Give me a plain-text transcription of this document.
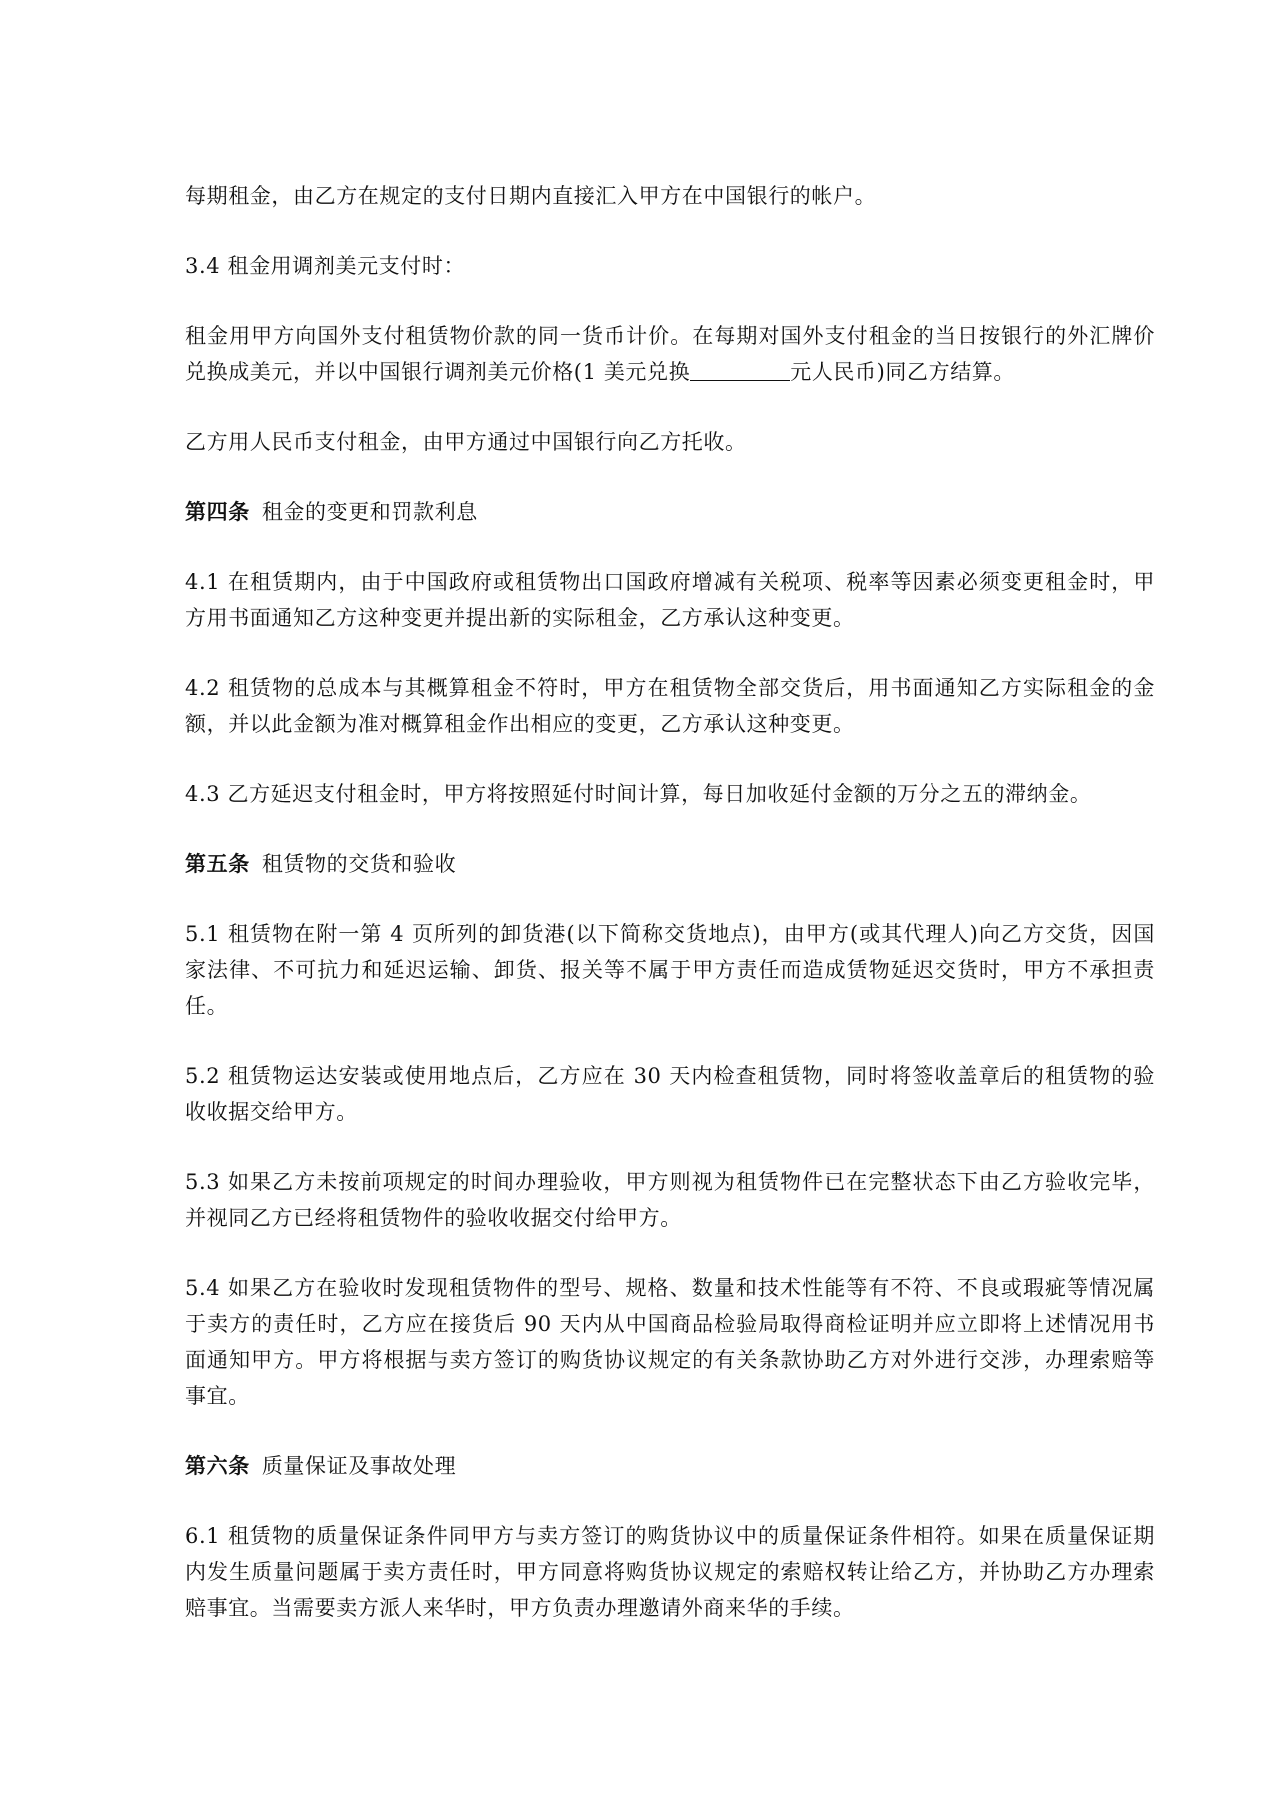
每期租金，由乙方在规定的支付日期内直接汇入甲方在中国银行的帐户。

3.4 租金用调剂美元支付时：

租金用甲方向国外支付租赁物价款的同一货币计价。在每期对国外支付租金的当日按银行的外汇牌价兑换成美元，并以中国银行调剂美元价格(1 美元兑换	元人民币)同乙方结算。

乙方用人民币支付租金，由甲方通过中国银行向乙方托收。

第四条 租金的变更和罚款利息

4.1 在租赁期内，由于中国政府或租赁物出口国政府增减有关税项、税率等因素必须变更租金时，甲方用书面通知乙方这种变更并提出新的实际租金，乙方承认这种变更。

4.2 租赁物的总成本与其概算租金不符时，甲方在租赁物全部交货后，用书面通知乙方实际租金的金额，并以此金额为准对概算租金作出相应的变更，乙方承认这种变更。

4.3 乙方延迟支付租金时，甲方将按照延付时间计算，每日加收延付金额的万分之五的滞纳金。

第五条 租赁物的交货和验收

5.1 租赁物在附一第 4 页所列的卸货港(以下简称交货地点)，由甲方(或其代理人)向乙方交货，因国家法律、不可抗力和延迟运输、卸货、报关等不属于甲方责任而造成赁物延迟交货时，甲方不承担责任。

5.2 租赁物运达安装或使用地点后，乙方应在 30 天内检查租赁物，同时将签收盖章后的租赁物的验收收据交给甲方。

5.3 如果乙方未按前项规定的时间办理验收，甲方则视为租赁物件已在完整状态下由乙方验收完毕，并视同乙方已经将租赁物件的验收收据交付给甲方。

5.4 如果乙方在验收时发现租赁物件的型号、规格、数量和技术性能等有不符、不良或瑕疵等情况属于卖方的责任时，乙方应在接货后 90 天内从中国商品检验局取得商检证明并应立即将上述情况用书面通知甲方。甲方将根据与卖方签订的购货协议规定的有关条款协助乙方对外进行交涉，办理索赔等事宜。

第六条 质量保证及事故处理

6.1 租赁物的质量保证条件同甲方与卖方签订的购货协议中的质量保证条件相符。如果在质量保证期内发生质量问题属于卖方责任时，甲方同意将购货协议规定的索赔权转让给乙方，并协助乙方办理索赔事宜。当需要卖方派人来华时，甲方负责办理邀请外商来华的手续。
